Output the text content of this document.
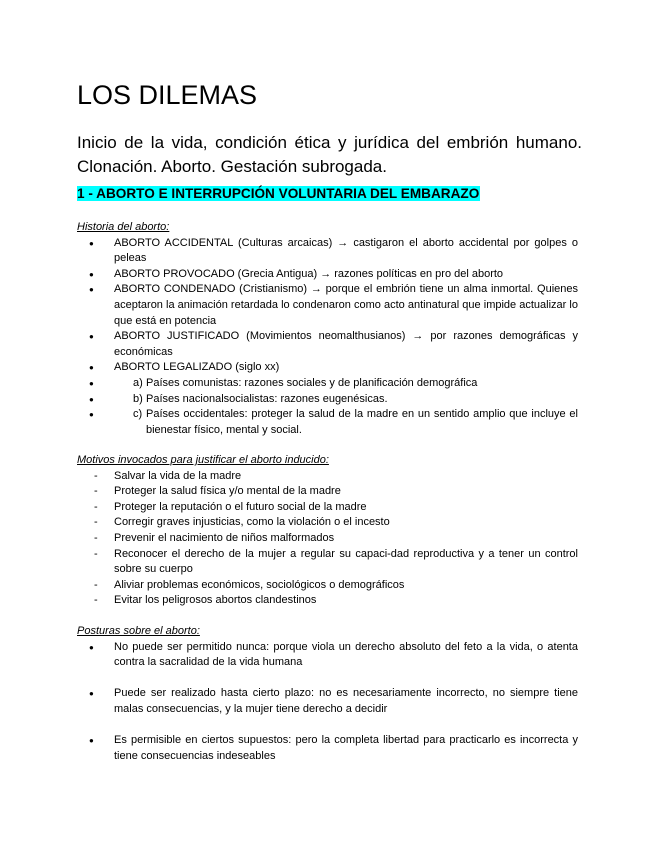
LOS DILEMAS

Inicio de la vida, condición ética y jurídica del embrión humano. Clonación. Aborto. Gestación subrogada.

1 - ABORTO E INTERRUPCIÓN VOLUNTARIA DEL EMBARAZO

Historia del aborto:

● ABORTO ACCIDENTAL (Culturas arcaicas) → castigaron el aborto accidental por golpes o peleas
● ABORTO PROVOCADO (Grecia Antigua) → razones políticas en pro del aborto
● ABORTO CONDENADO (Cristianismo) → porque el embrión tiene un alma inmortal. Quienes aceptaron la animación retardada lo condenaron como acto antinatural que impide actualizar lo que está en potencia
● ABORTO JUSTIFICADO (Movimientos neomalthusianos) → por razones demográficas y económicas
● ABORTO LEGALIZADO (siglo xx)
● a) Países comunistas: razones sociales y de planificación demográfica
● b) Países nacionalsocialistas: razones eugenésicas.
● c) Países occidentales: proteger la salud de la madre en un sentido amplio que incluye el bienestar físico, mental y social.

Motivos invocados para justificar el aborto inducido:

- Salvar la vida de la madre
- Proteger la salud física y/o mental de la madre
- Proteger la reputación o el futuro social de la madre
- Corregir graves injusticias, como la violación o el incesto
- Prevenir el nacimiento de niños malformados
- Reconocer el derecho de la mujer a regular su capaci-dad reproductiva y a tener un control sobre su cuerpo
- Aliviar problemas económicos, sociológicos o demográficos
- Evitar los peligrosos abortos clandestinos

Posturas sobre el aborto:

● No puede ser permitido nunca: porque viola un derecho absoluto del feto a la vida, o atenta contra la sacralidad de la vida humana
● Puede ser realizado hasta cierto plazo: no es necesariamente incorrecto, no siempre tiene malas consecuencias, y la mujer tiene derecho a decidir
● Es permisible en ciertos supuestos: pero la completa libertad para practicarlo es incorrecta y tiene consecuencias indeseables
